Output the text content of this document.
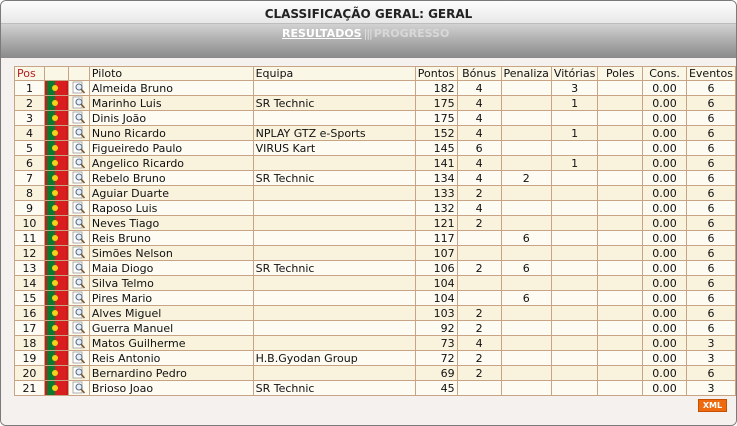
CLASSIFICAÇÃO GERAL: GERAL
RESULTADOS ||| PROGRESSO
Pos			Piloto	Equipa	Pontos	Bónus	Penaliza	Vitórias	Poles	Cons.	Eventos
1			Almeida Bruno		182	4		3		0.00	6
2			Marinho Luis	SR Technic	175	4		1		0.00	6
3			Dinis João		175	4				0.00	6
4			Nuno Ricardo	NPLAY GTZ e-Sports	152	4		1		0.00	6
5			Figueiredo Paulo	VIRUS Kart	145	6				0.00	6
6			Angelico Ricardo		141	4		1		0.00	6
7			Rebelo Bruno	SR Technic	134	4	2			0.00	6
8			Aguiar Duarte		133	2				0.00	6
9			Raposo Luis		132	4				0.00	6
10			Neves Tiago		121	2				0.00	6
11			Reis Bruno		117		6			0.00	6
12			Simões Nelson		107					0.00	6
13			Maia Diogo	SR Technic	106	2	6			0.00	6
14			Silva Telmo		104					0.00	6
15			Pires Mario		104		6			0.00	6
16			Alves Miguel		103	2				0.00	6
17			Guerra Manuel		92	2				0.00	6
18			Matos Guilherme		73	4				0.00	3
19			Reis Antonio	H.B.Gyodan Group	72	2				0.00	3
20			Bernardino Pedro		69	2				0.00	6
21			Brioso Joao	SR Technic	45					0.00	3
XML
